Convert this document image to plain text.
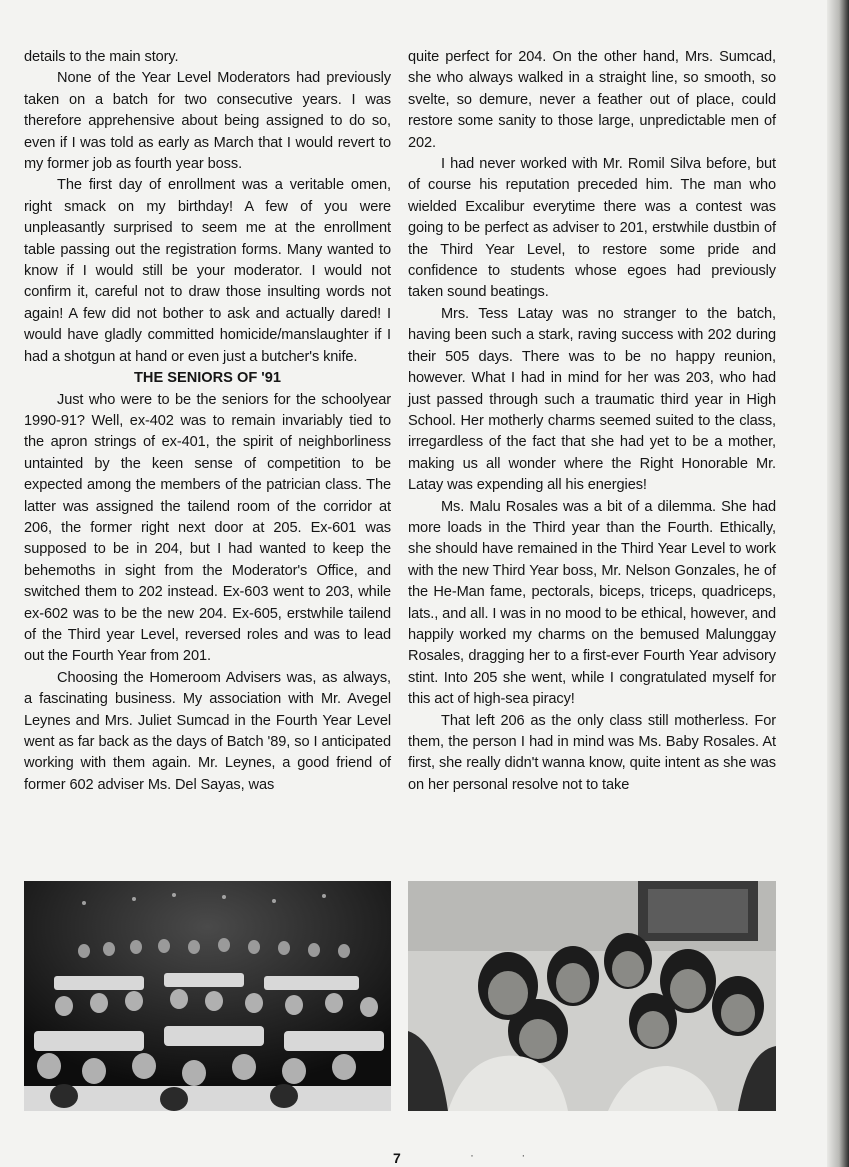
details to the main story.

None of the Year Level Moderators had previously taken on a batch for two consecutive years. I was therefore apprehensive about being assigned to do so, even if I was told as early as March that I would revert to my former job as fourth year boss.

The first day of enrollment was a veritable omen, right smack on my birthday! A few of you were unpleasantly surprised to seem me at the enrollment table passing out the registration forms. Many wanted to know if I would still be your moderator. I would not confirm it, careful not to draw those insulting words not again! A few did not bother to ask and actually dared! I would have gladly committed homicide/manslaughter if I had a shotgun at hand or even just a butcher's knife.

THE SENIORS OF '91

Just who were to be the seniors for the schoolyear 1990-91? Well, ex-402 was to remain invariably tied to the apron strings of ex-401, the spirit of neighborliness untainted by the keen sense of competition to be expected among the members of the patrician class. The latter was assigned the tailend room of the corridor at 206, the former right next door at 205. Ex-601 was supposed to be in 204, but I had wanted to keep the behemoths in sight from the Moderator's Office, and switched them to 202 instead. Ex-603 went to 203, while ex-602 was to be the new 204. Ex-605, erstwhile tailend of the Third year Level, reversed roles and was to lead out the Fourth Year from 201.

Choosing the Homeroom Advisers was, as always, a fascinating business. My association with Mr. Avegel Leynes and Mrs. Juliet Sumcad in the Fourth Year Level went as far back as the days of Batch '89, so I anticipated working with them again. Mr. Leynes, a good friend of former 602 adviser Ms. Del Sayas, was

quite perfect for 204. On the other hand, Mrs. Sumcad, she who always walked in a straight line, so smooth, so svelte, so demure, never a feather out of place, could restore some sanity to those large, unpredictable men of 202.

I had never worked with Mr. Romil Silva before, but of course his reputation preceded him. The man who wielded Excalibur everytime there was a contest was going to be perfect as adviser to 201, erstwhile dustbin of the Third Year Level, to restore some pride and confidence to students whose egoes had previously taken sound beatings.

Mrs. Tess Latay was no stranger to the batch, having been such a stark, raving success with 202 during their 505 days. There was to be no happy reunion, however. What I had in mind for her was 203, who had just passed through such a traumatic third year in High School. Her motherly charms seemed suited to the class, irregardless of the fact that she had yet to be a mother, making us all wonder where the Right Honorable Mr. Latay was expending all his energies!

Ms. Malu Rosales was a bit of a dilemma. She had more loads in the Third year than the Fourth. Ethically, she should have remained in the Third Year Level to work with the new Third Year boss, Mr. Nelson Gonzales, he of the He-Man fame, pectorals, biceps, triceps, quadriceps, lats., and all. I was in no mood to be ethical, however, and happily worked my charms on the bemused Malunggay Rosales, dragging her to a first-ever Fourth Year advisory stint. Into 205 she went, while I congratulated myself for this act of high-sea piracy!

That left 206 as the only class still motherless. For them, the person I had in mind was Ms. Baby Rosales. At first, she really didn't wanna know, quite intent as she was on her personal resolve not to take

7	· ·
